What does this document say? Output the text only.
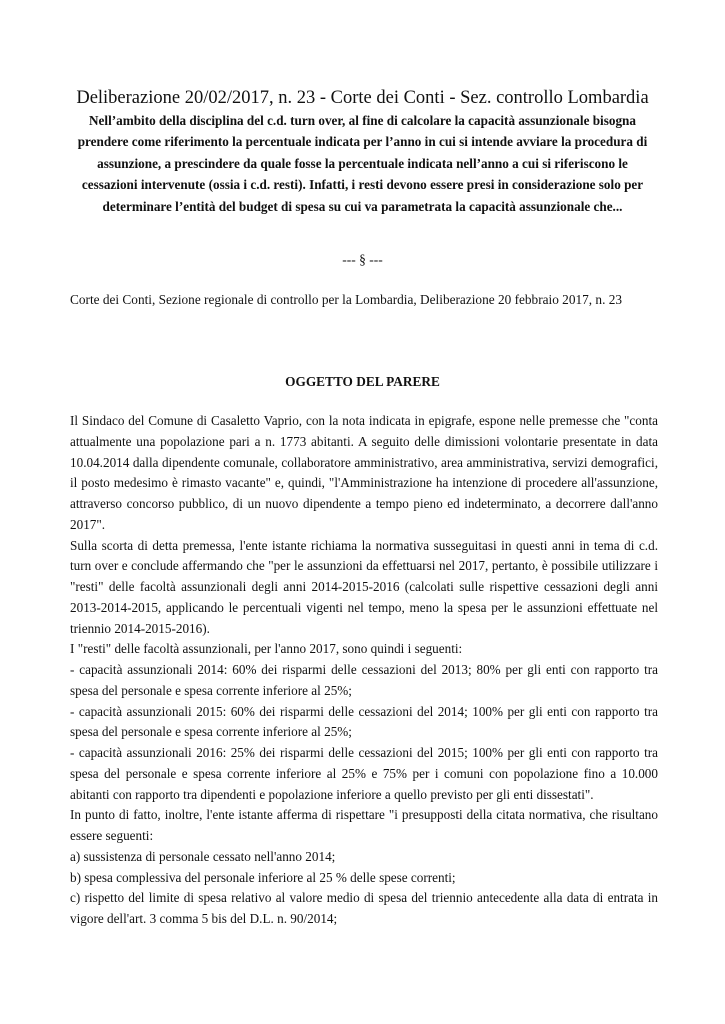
Deliberazione 20/02/2017, n. 23 - Corte dei Conti - Sez. controllo Lombardia

Nell’ambito della disciplina del c.d. turn over, al fine di calcolare la capacità assunzionale bisogna prendere come riferimento la percentuale indicata per l’anno in cui si intende avviare la procedura di assunzione, a prescindere da quale fosse la percentuale indicata nell’anno a cui si riferiscono le cessazioni intervenute (ossia i c.d. resti). Infatti, i resti devono essere presi in considerazione solo per determinare l’entità del budget di spesa su cui va parametrata la capacità assunzionale che...

--- § ---

Corte dei Conti, Sezione regionale di controllo per la Lombardia, Deliberazione 20 febbraio 2017, n. 23

OGGETTO DEL PARERE

Il Sindaco del Comune di Casaletto Vaprio, con la nota indicata in epigrafe, espone nelle premesse che "conta attualmente una popolazione pari a n. 1773 abitanti. A seguito delle dimissioni volontarie presentate in data 10.04.2014 dalla dipendente comunale, collaboratore amministrativo, area amministrativa, servizi demografici, il posto medesimo è rimasto vacante" e, quindi, "l'Amministrazione ha intenzione di procedere all'assunzione, attraverso concorso pubblico, di un nuovo dipendente a tempo pieno ed indeterminato, a decorrere dall'anno 2017".

Sulla scorta di detta premessa, l'ente istante richiama la normativa susseguitasi in questi anni in tema di c.d. turn over e conclude affermando che "per le assunzioni da effettuarsi nel 2017, pertanto, è possibile utilizzare i "resti" delle facoltà assunzionali degli anni 2014-2015-2016 (calcolati sulle rispettive cessazioni degli anni 2013-2014-2015, applicando le percentuali vigenti nel tempo, meno la spesa per le assunzioni effettuate nel triennio 2014-2015-2016).

I "resti" delle facoltà assunzionali, per l'anno 2017, sono quindi i seguenti:

- capacità assunzionali 2014: 60% dei risparmi delle cessazioni del 2013; 80% per gli enti con rapporto tra spesa del personale e spesa corrente inferiore al 25%;

- capacità assunzionali 2015: 60% dei risparmi delle cessazioni del 2014; 100% per gli enti con rapporto tra spesa del personale e spesa corrente inferiore al 25%;

- capacità assunzionali 2016: 25% dei risparmi delle cessazioni del 2015; 100% per gli enti con rapporto tra spesa del personale e spesa corrente inferiore al 25% e 75% per i comuni con popolazione fino a 10.000 abitanti con rapporto tra dipendenti e popolazione inferiore a quello previsto per gli enti dissestati".

In punto di fatto, inoltre, l'ente istante afferma di rispettare "i presupposti della citata normativa, che risultano essere seguenti:

a) sussistenza di personale cessato nell'anno 2014;

b) spesa complessiva del personale inferiore al 25 % delle spese correnti;

c) rispetto del limite di spesa relativo al valore medio di spesa del triennio antecedente alla data di entrata in vigore dell'art. 3 comma 5 bis del D.L. n. 90/2014;
